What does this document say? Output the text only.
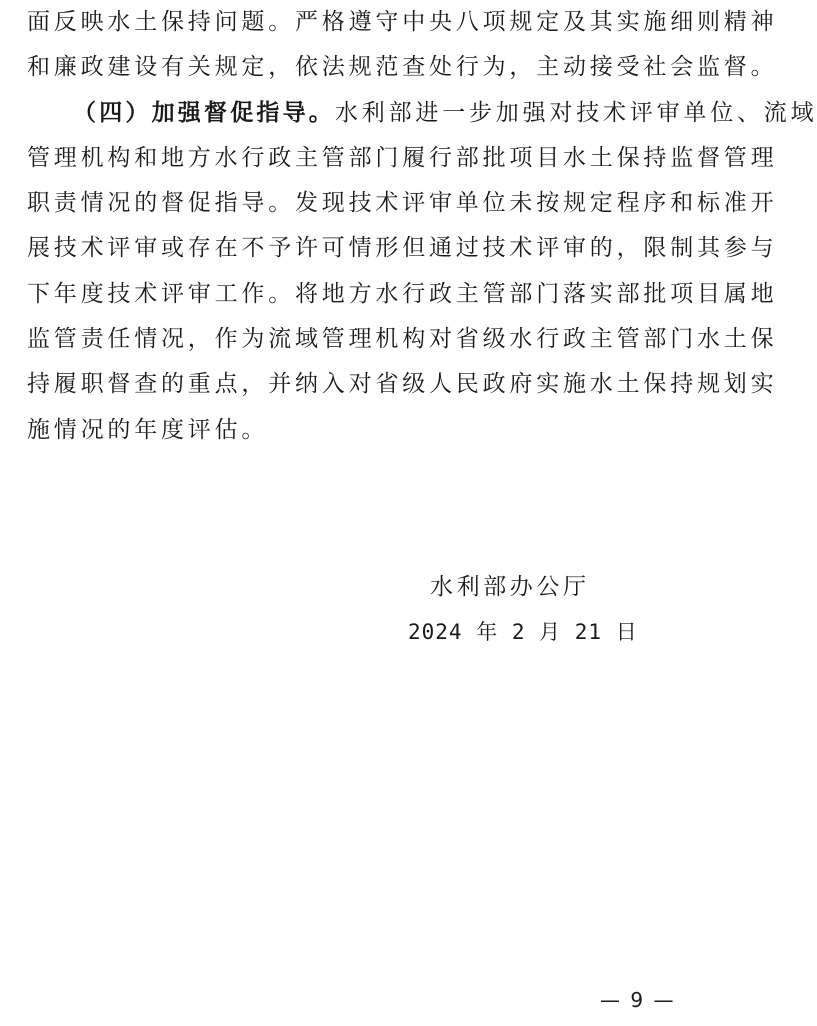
面反映水土保持问题。严格遵守中央八项规定及其实施细则精神
和廉政建设有关规定，依法规范查处行为，主动接受社会监督。
（四）加强督促指导。水利部进一步加强对技术评审单位、流域
管理机构和地方水行政主管部门履行部批项目水土保持监督管理
职责情况的督促指导。发现技术评审单位未按规定程序和标准开
展技术评审或存在不予许可情形但通过技术评审的，限制其参与
下年度技术评审工作。将地方水行政主管部门落实部批项目属地
监管责任情况，作为流域管理机构对省级水行政主管部门水土保
持履职督查的重点，并纳入对省级人民政府实施水土保持规划实
施情况的年度评估。
水利部办公厅
2024 年 2 月 21 日
— 9 —
